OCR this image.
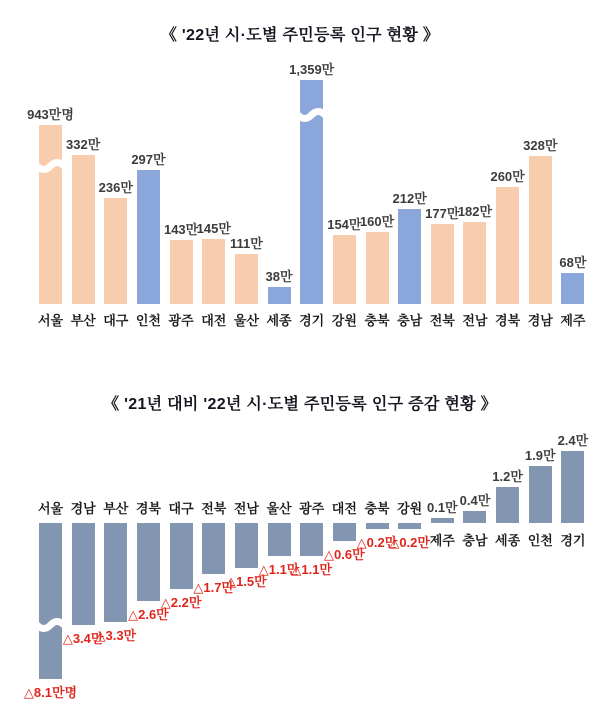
《 '22년 시·도별 주민등록 인구 현황 》
943만명
서울
332만
부산
236만
대구
297만
인천
143만
광주
145만
대전
111만
울산
38만
세종
1,359만
경기
154만
강원
160만
충북
212만
충남
177만
전북
182만
전남
260만
경북
328만
경남
68만
제주
《 '21년 대비 '22년 시·도별 주민등록 인구 증감 현황 》
△8.1만명
서울
△3.4만
경남
△3.3만
부산
△2.6만
경북
△2.2만
대구
△1.7만
전북
△1.5만
전남
△1.1만
울산
△1.1만
광주
△0.6만
대전
△0.2만
충북
△0.2만
강원 0.1만
제주
0.4만
충남
1.2만
세종
1.9만
인천
2.4만
경기
